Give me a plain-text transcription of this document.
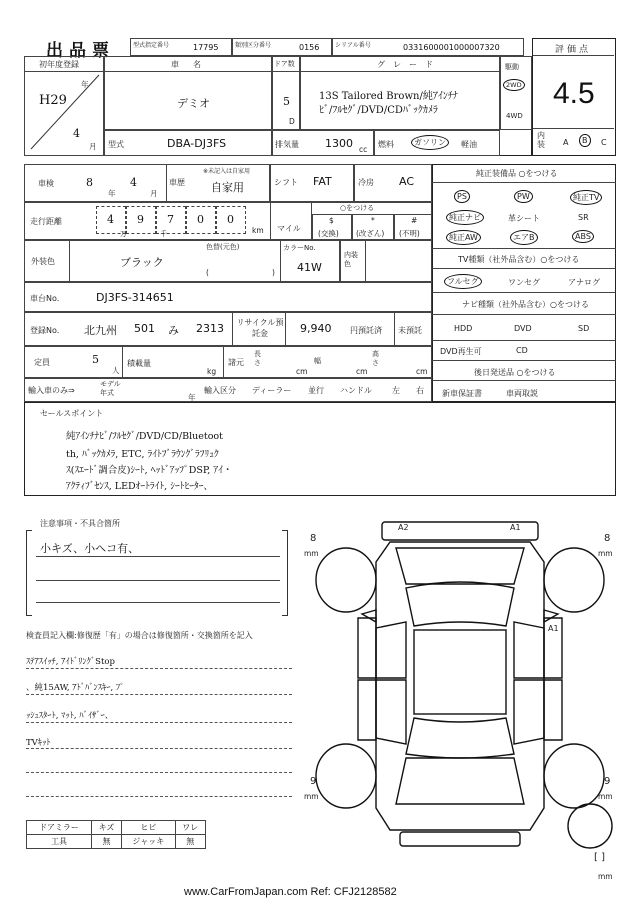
出品票	型式指定番号	17795	類別区分番号	0156	シリアル番号	0331600001000007320	評価点
4.5
内装 A	B	C
初年度登録
H29
年
4
月
車名
デミオ
ドア数
5
D
グレード
13S Tailored Brown/純ｱｲﾝﾁﾅ
ﾋﾞ/ﾌﾙｾｸﾞ/DVD/CDﾊﾞｯｸｶﾒﾗ
駆動
2WD
4WD
型式	DBA-DJ3FS	排気量 1300 cc
燃料	ガソリン	軽油
車検	8
年
4
月
車歴
※未記入は自家用
自家用	シフト FAT	冷房 AC
走行距離	4 9 7 0 0
万	千	km マイル
○をつける
$
(交換)
*
(改ざん)
#
(不明)
外装色
色替(元色)
ブラック
(	)
カラーNo.
41W
内装色
車台No.	DJ3FS-314651
登録No. 北九州 501 み 2313 リサイクル預託金	9,940 円預託済 未預託
定員	5
人
積載量
kg
諸元
長さ
cm
幅
cm
高さ
cm
輸入車のみ⇒
モデル年式	年
輸入区分 ディーラー 並行 ハンドル	左 右
純正装備品 ○をつける
PS	PW	純正TV
純正ナビ	革シート	SR
純正AW	エアB	ABS
TV種類（社外品含む）○をつける
フルセグ	ワンセグ	アナログ
ナビ種類（社外品含む）○をつける
HDD	DVD	SD
DVD再生可	CD
後日発送品 ○をつける
新車保証書	車両取説
セールスポイント
純ｱｲﾝﾁﾅﾋﾞ/ﾌﾙｾｸﾞ/DVD/CD/Bluetoot
th, ﾊﾞｯｸｶﾒﾗ, ETC, ﾗｲﾄﾌﾞﾗｳﾝｸﾞﾗﾌﾘｭｸ
ｽ(ｽｴｰﾄﾞ調合皮)ｼｰﾄ, ﾍｯﾄﾞｱｯﾌﾟDSP, ｱｲ・
ｱｸﾃｨﾌﾞｾﾝｽ, LEDｵｰﾄﾗｲﾄ, ｼｰﾄﾋｰﾀｰ、
注意事項・不具合箇所
小キズ、小ヘコ有、
検査員記入欄:修復歴「有」の場合は修復箇所・交換箇所を記入
ｽﾃｱｽｲｯﾁ, ｱｲﾄﾞﾘﾝｸﾞStop
、純15AW, ｱﾄﾞﾊﾞﾝｽｷｰ, ﾌﾟ
ｯｼｭｽﾀｰﾄ, ﾏｯﾄ, ﾊﾞｲｻﾞｰ、
TVｷｯﾄ
ドアミラー	キズ	ヒビ	ワレ
工具	無	ジャッキ	無
8
mm
8
mm
9
mm
9
mm
[ ]
mm
A2	A1
A1
www.CarFromJapan.com Ref: CFJ2128582
